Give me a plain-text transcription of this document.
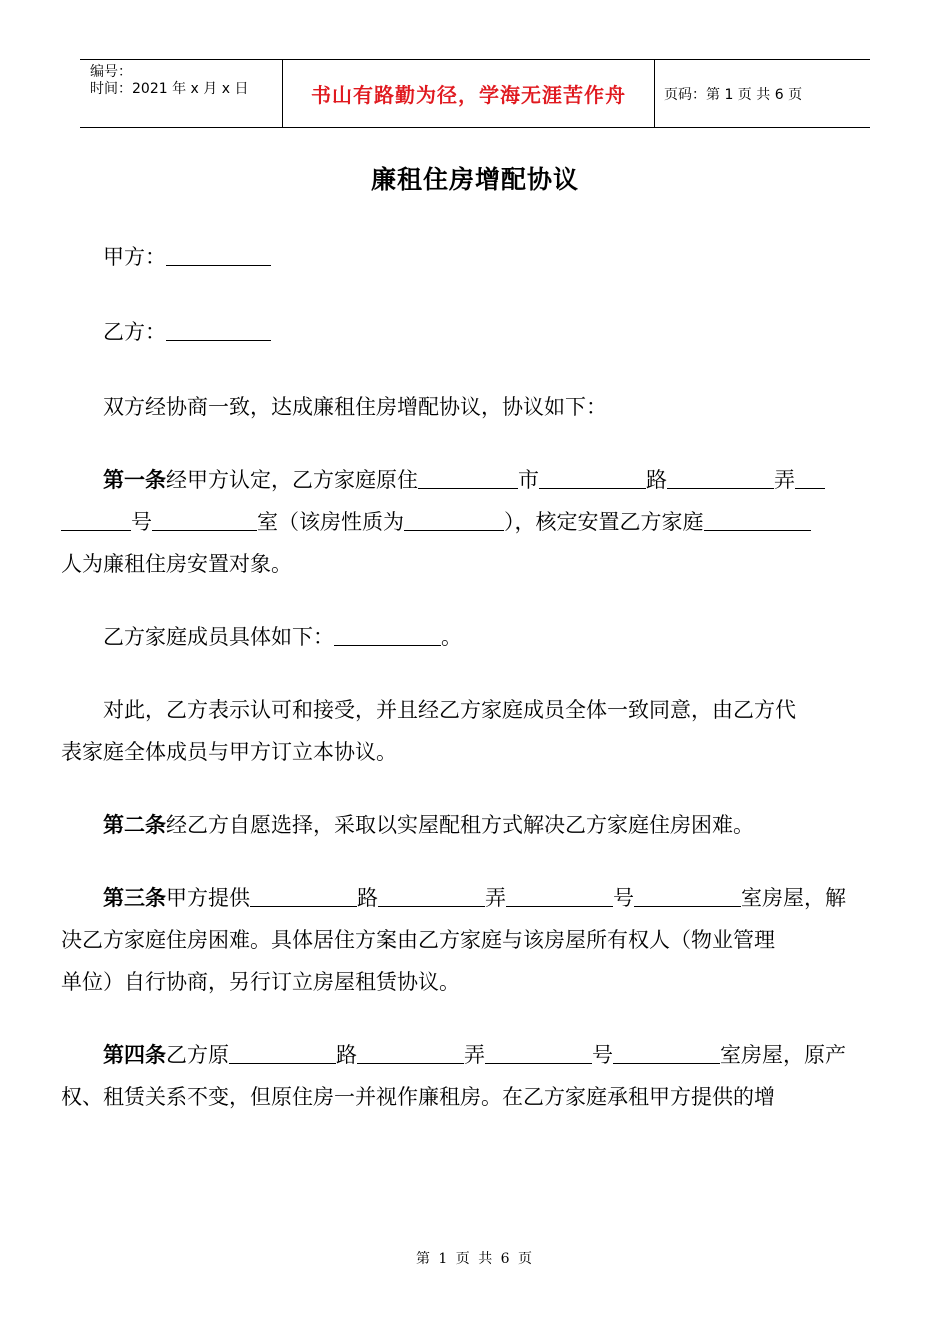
编号：
时间：2021 年 x 月 x 日	书山有路勤为径，学海无涯苦作舟	页码：第 1 页 共 6 页
廉租住房增配协议

甲方：

乙方：

双方经协商一致，达成廉租住房增配协议，协议如下：

第一条经甲方认定，乙方家庭原住	市	路	弄

号	室（该房性质为	），核定安置乙方家庭

人为廉租住房安置对象。

乙方家庭成员具体如下：	。

对此，乙方表示认可和接受，并且经乙方家庭成员全体一致同意，由乙方代

表家庭全体成员与甲方订立本协议。

第二条经乙方自愿选择，采取以实屋配租方式解决乙方家庭住房困难。

第三条甲方提供	路	弄	号	室房屋，解

决乙方家庭住房困难。具体居住方案由乙方家庭与该房屋所有权人（物业管理

单位）自行协商，另行订立房屋租赁协议。

第四条乙方原	路	弄	号	室房屋，原产

权、租赁关系不变，但原住房一并视作廉租房。在乙方家庭承租甲方提供的增

第 1 页 共 6 页
